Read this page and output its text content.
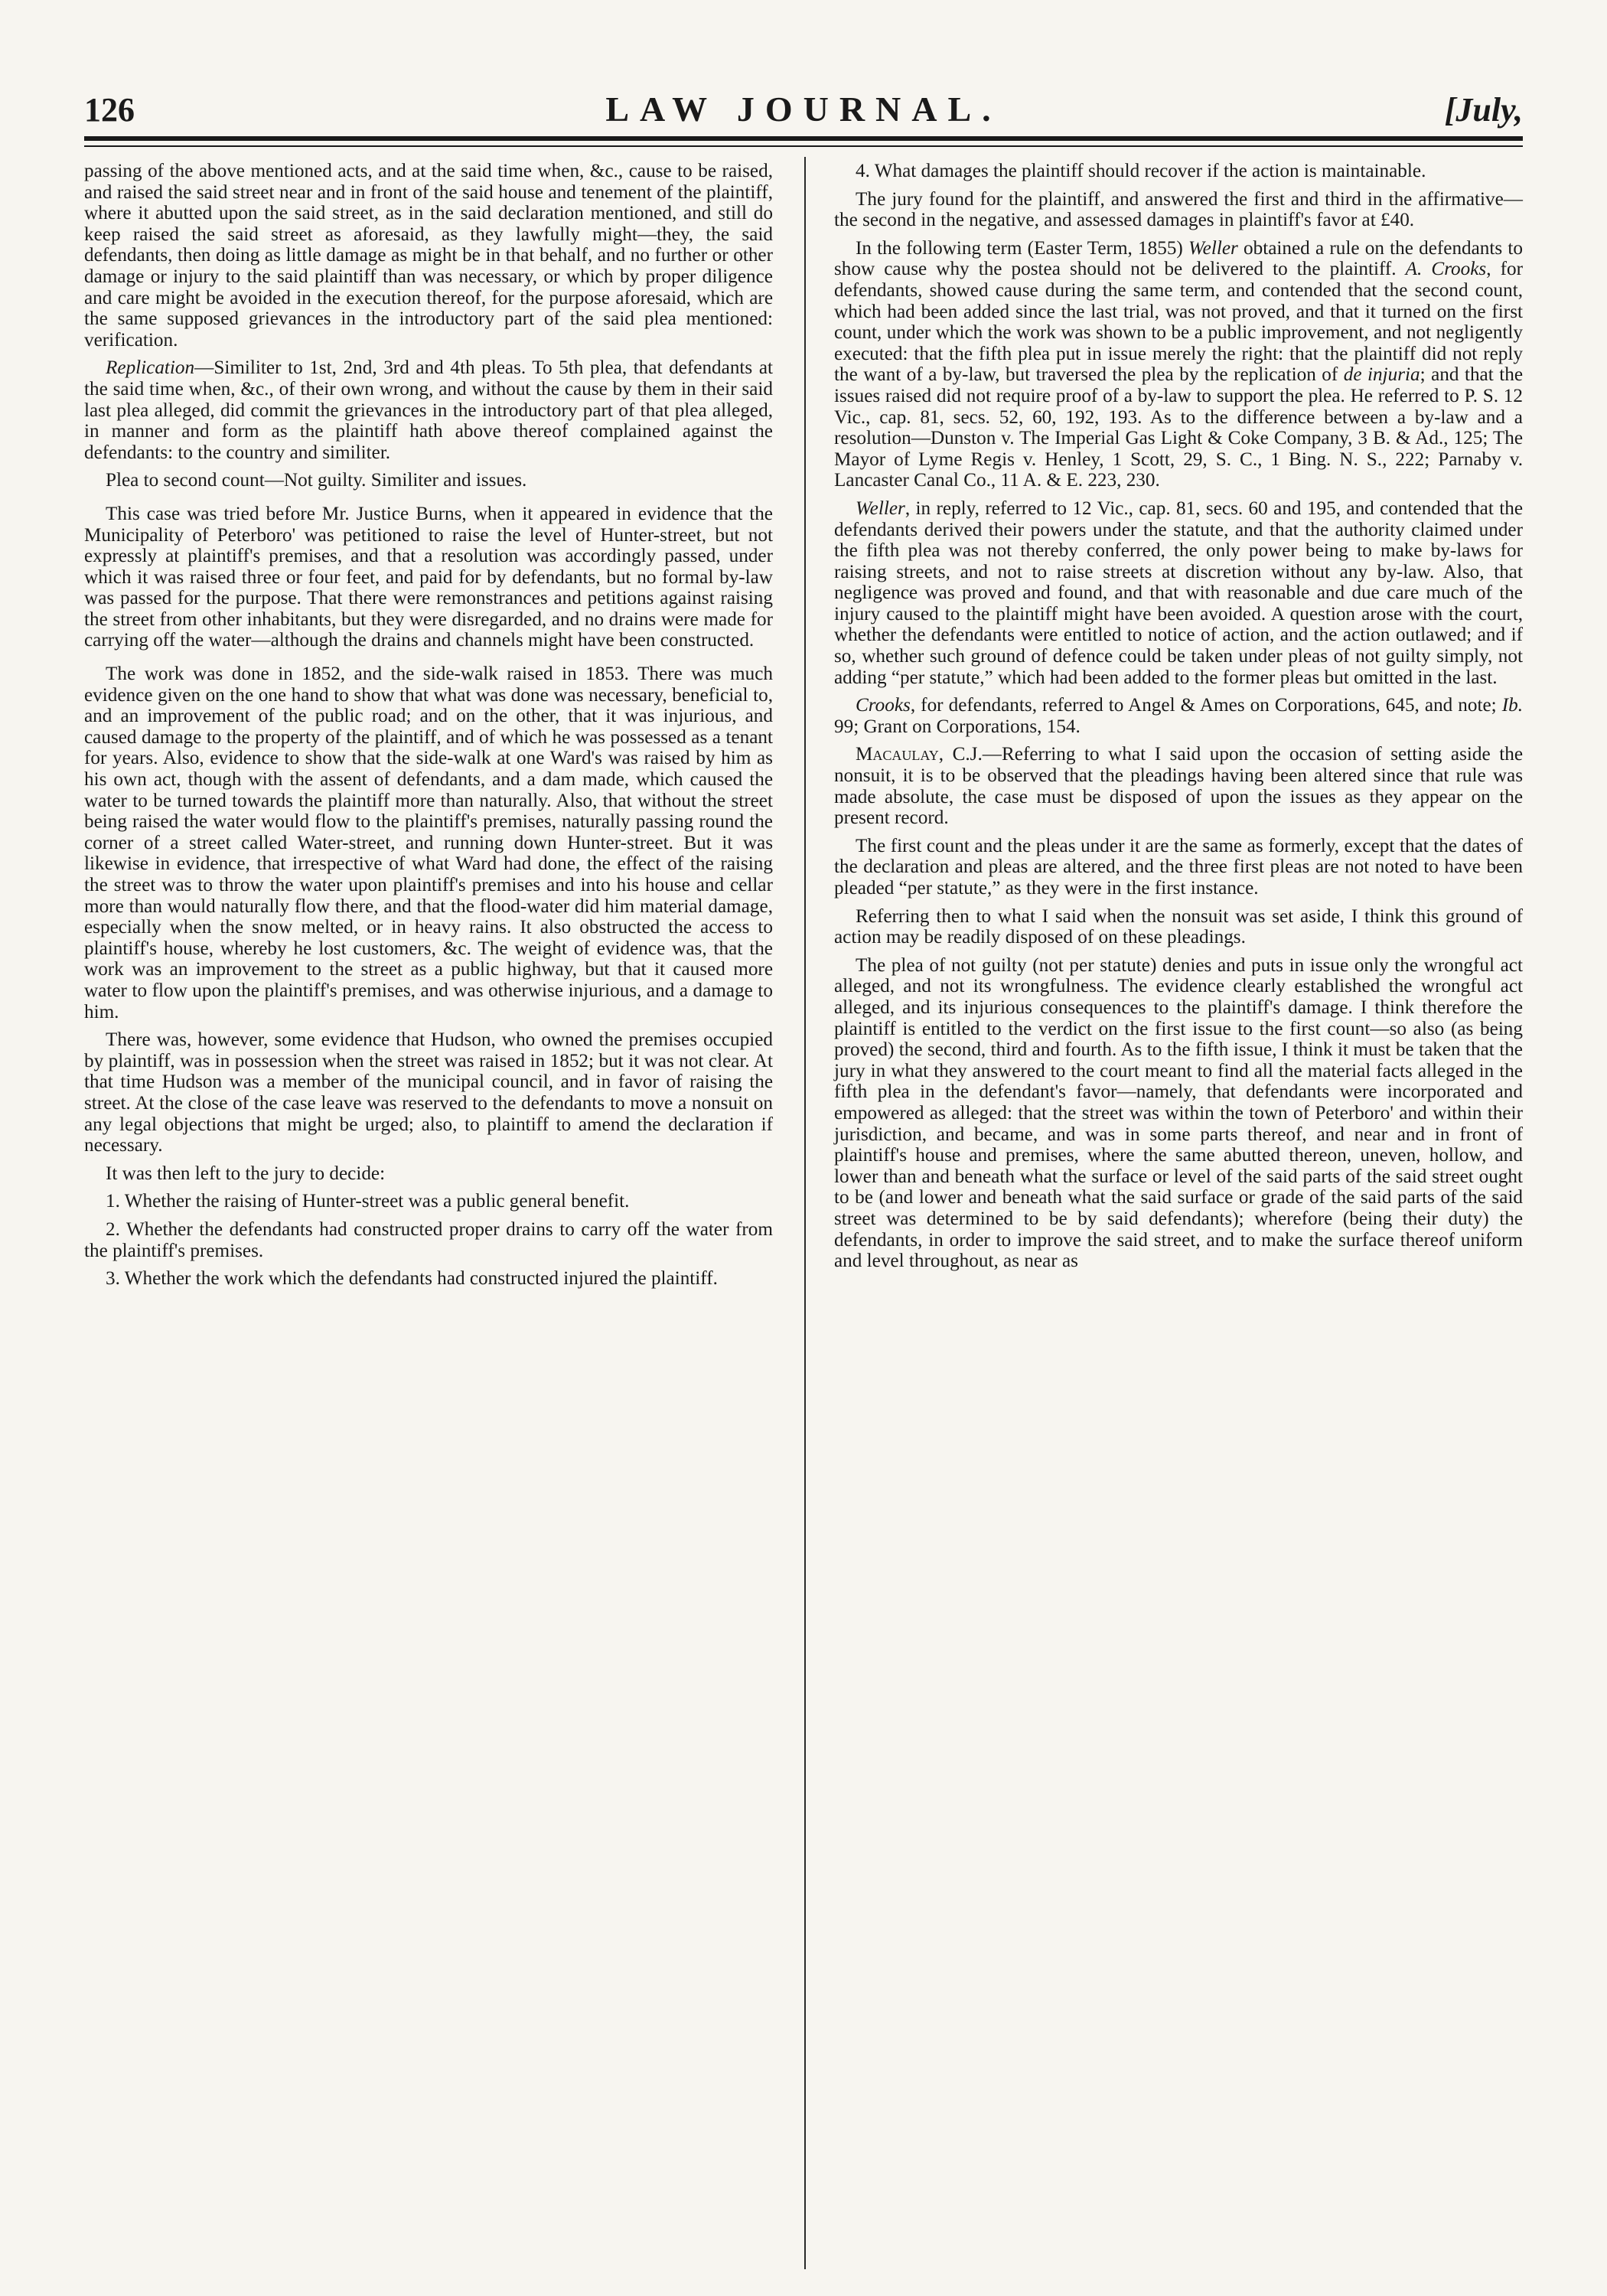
126	LAW JOURNAL.	[July,

passing of the above mentioned acts, and at the said time when, &c., cause to be raised, and raised the said street near and in front of the said house and tenement of the plaintiff, where it abutted upon the said street, as in the said declaration mentioned, and still do keep raised the said street as aforesaid, as they lawfully might—they, the said defendants, then doing as little damage as might be in that behalf, and no further or other damage or injury to the said plaintiff than was necessary, or which by proper diligence and care might be avoided in the execution thereof, for the purpose aforesaid, which are the same supposed grievances in the introductory part of the said plea mentioned: verification.

Replication—Similiter to 1st, 2nd, 3rd and 4th pleas. To 5th plea, that defendants at the said time when, &c., of their own wrong, and without the cause by them in their said last plea alleged, did commit the grievances in the introductory part of that plea alleged, in manner and form as the plaintiff hath above thereof complained against the defendants: to the country and similiter.

Plea to second count—Not guilty. Similiter and issues.

This case was tried before Mr. Justice Burns, when it appeared in evidence that the Municipality of Peterboro' was petitioned to raise the level of Hunter-street, but not expressly at plaintiff's premises, and that a resolution was accordingly passed, under which it was raised three or four feet, and paid for by defendants, but no formal by-law was passed for the purpose. That there were remonstrances and petitions against raising the street from other inhabitants, but they were disregarded, and no drains were made for carrying off the water—although the drains and channels might have been constructed.

The work was done in 1852, and the side-walk raised in 1853. There was much evidence given on the one hand to show that what was done was necessary, beneficial to, and an improvement of the public road; and on the other, that it was injurious, and caused damage to the property of the plaintiff, and of which he was possessed as a tenant for years. Also, evidence to show that the side-walk at one Ward's was raised by him as his own act, though with the assent of defendants, and a dam made, which caused the water to be turned towards the plaintiff more than naturally. Also, that without the street being raised the water would flow to the plaintiff's premises, naturally passing round the corner of a street called Water-street, and running down Hunter-street. But it was likewise in evidence, that irrespective of what Ward had done, the effect of the raising the street was to throw the water upon plaintiff's premises and into his house and cellar more than would naturally flow there, and that the flood-water did him material damage, especially when the snow melted, or in heavy rains. It also obstructed the access to plaintiff's house, whereby he lost customers, &c. The weight of evidence was, that the work was an improvement to the street as a public highway, but that it caused more water to flow upon the plaintiff's premises, and was otherwise injurious, and a damage to him.

There was, however, some evidence that Hudson, who owned the premises occupied by plaintiff, was in possession when the street was raised in 1852; but it was not clear. At that time Hudson was a member of the municipal council, and in favor of raising the street. At the close of the case leave was reserved to the defendants to move a nonsuit on any legal objections that might be urged; also, to plaintiff to amend the declaration if necessary.

It was then left to the jury to decide:

1. Whether the raising of Hunter-street was a public general benefit.

2. Whether the defendants had constructed proper drains to carry off the water from the plaintiff's premises.

3. Whether the work which the defendants had constructed injured the plaintiff.

4. What damages the plaintiff should recover if the action is maintainable.

The jury found for the plaintiff, and answered the first and third in the affirmative—the second in the negative, and assessed damages in plaintiff's favor at £40.

In the following term (Easter Term, 1855) Weller obtained a rule on the defendants to show cause why the postea should not be delivered to the plaintiff. A. Crooks, for defendants, showed cause during the same term, and contended that the second count, which had been added since the last trial, was not proved, and that it turned on the first count, under which the work was shown to be a public improvement, and not negligently executed: that the fifth plea put in issue merely the right: that the plaintiff did not reply the want of a by-law, but traversed the plea by the replication of de injuria; and that the issues raised did not require proof of a by-law to support the plea. He referred to P. S. 12 Vic., cap. 81, secs. 52, 60, 192, 193. As to the difference between a by-law and a resolution—Dunston v. The Imperial Gas Light & Coke Company, 3 B. & Ad., 125; The Mayor of Lyme Regis v. Henley, 1 Scott, 29, S. C., 1 Bing. N. S., 222; Parnaby v. Lancaster Canal Co., 11 A. & E. 223, 230.

Weller, in reply, referred to 12 Vic., cap. 81, secs. 60 and 195, and contended that the defendants derived their powers under the statute, and that the authority claimed under the fifth plea was not thereby conferred, the only power being to make by-laws for raising streets, and not to raise streets at discretion without any by-law. Also, that negligence was proved and found, and that with reasonable and due care much of the injury caused to the plaintiff might have been avoided. A question arose with the court, whether the defendants were entitled to notice of action, and the action outlawed; and if so, whether such ground of defence could be taken under pleas of not guilty simply, not adding “per statute,” which had been added to the former pleas but omitted in the last.

Crooks, for defendants, referred to Angel & Ames on Corporations, 645, and note; Ib. 99; Grant on Corporations, 154.

Macaulay, C.J.—Referring to what I said upon the occasion of setting aside the nonsuit, it is to be observed that the pleadings having been altered since that rule was made absolute, the case must be disposed of upon the issues as they appear on the present record.

The first count and the pleas under it are the same as formerly, except that the dates of the declaration and pleas are altered, and the three first pleas are not noted to have been pleaded “per statute,” as they were in the first instance.

Referring then to what I said when the nonsuit was set aside, I think this ground of action may be readily disposed of on these pleadings.

The plea of not guilty (not per statute) denies and puts in issue only the wrongful act alleged, and not its wrongfulness. The evidence clearly established the wrongful act alleged, and its injurious consequences to the plaintiff's damage. I think therefore the plaintiff is entitled to the verdict on the first issue to the first count—so also (as being proved) the second, third and fourth. As to the fifth issue, I think it must be taken that the jury in what they answered to the court meant to find all the material facts alleged in the fifth plea in the defendant's favor—namely, that defendants were incorporated and empowered as alleged: that the street was within the town of Peterboro' and within their jurisdiction, and became, and was in some parts thereof, and near and in front of plaintiff's house and premises, where the same abutted thereon, uneven, hollow, and lower than and beneath what the surface or level of the said parts of the said street ought to be (and lower and beneath what the said surface or grade of the said parts of the said street was determined to be by said defendants); wherefore (being their duty) the defendants, in order to improve the said street, and to make the surface thereof uniform and level throughout, as near as
